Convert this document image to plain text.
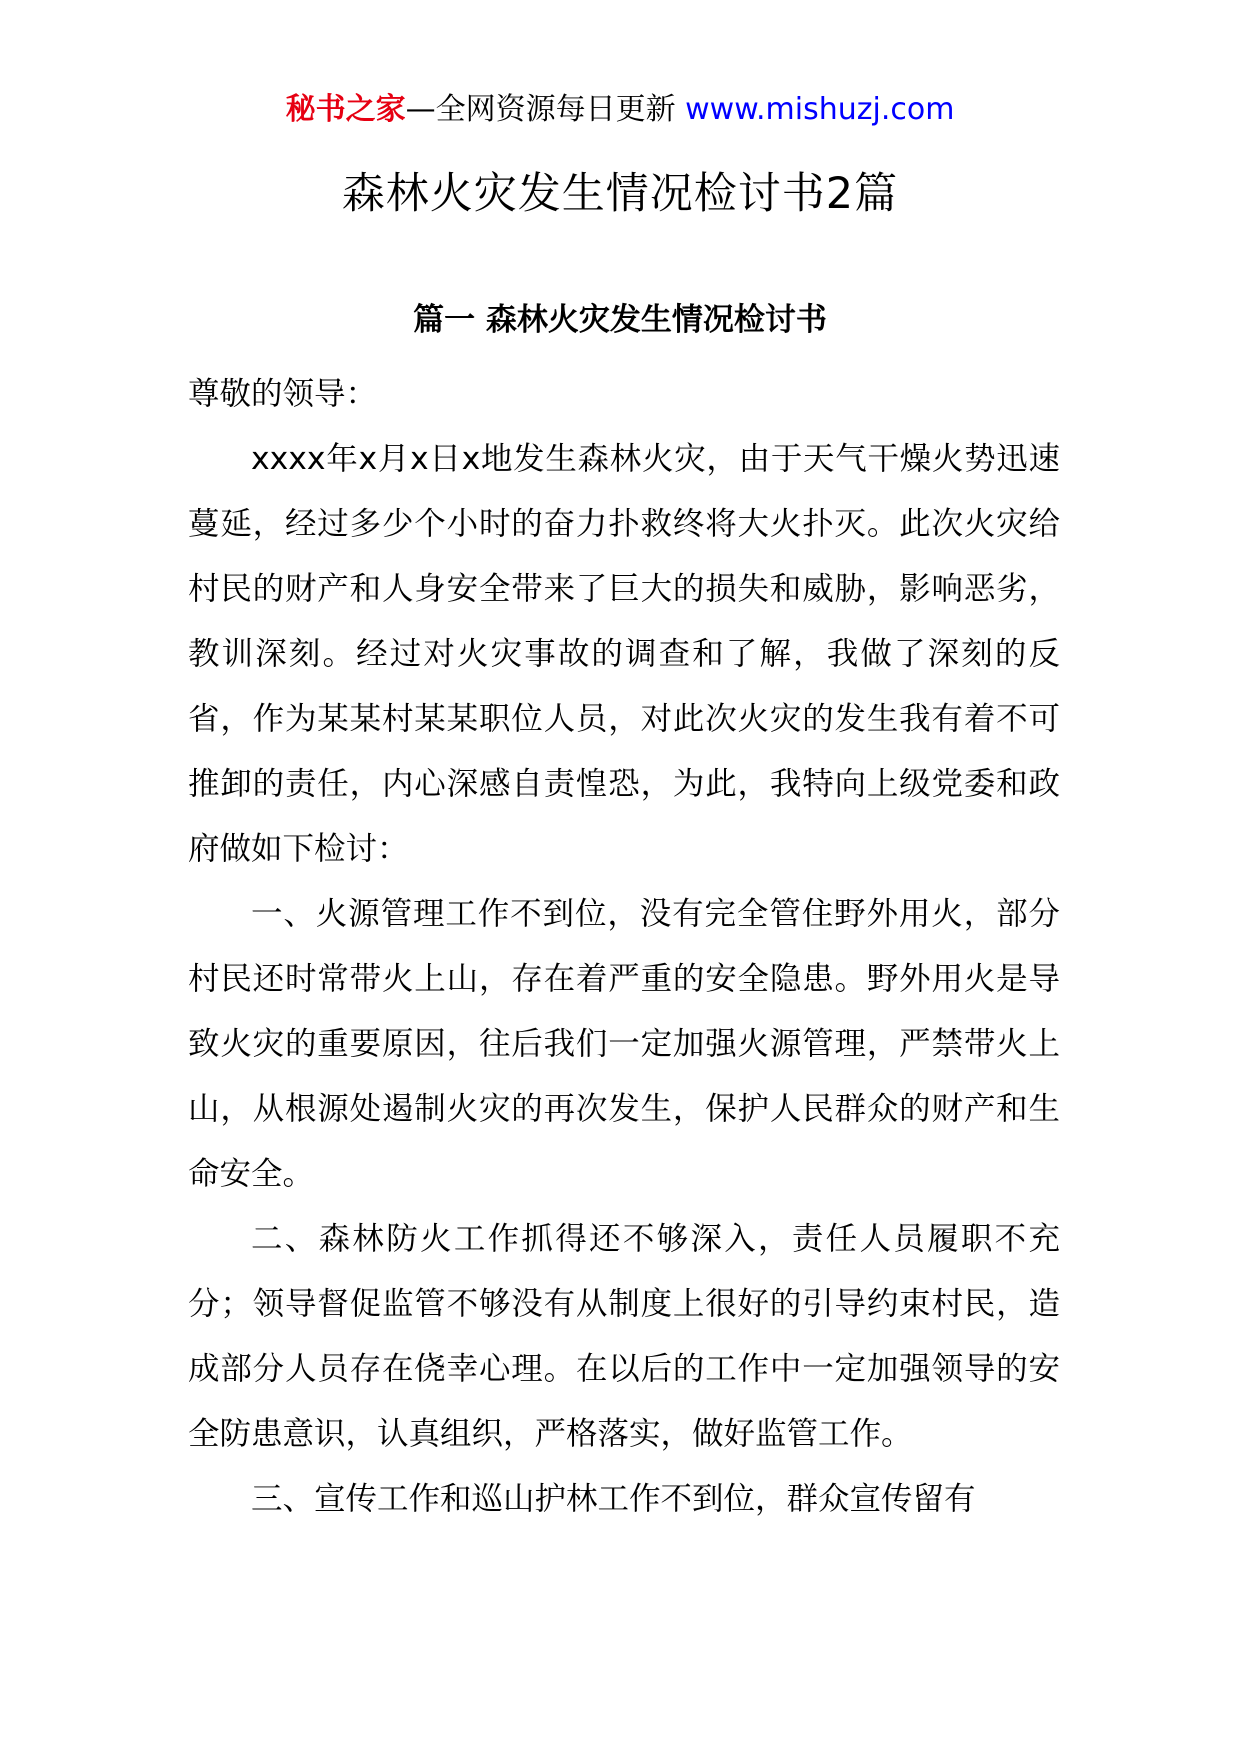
秘书之家—全网资源每日更新 www.mishuzj.com
森林火灾发生情况检讨书2篇
篇一 森林火灾发生情况检讨书

尊敬的领导：

xxxx年x月x日x地发生森林火灾，由于天气干燥火势迅速蔓延，经过多少个小时的奋力扑救终将大火扑灭。此次火灾给村民的财产和人身安全带来了巨大的损失和威胁，影响恶劣，教训深刻。经过对火灾事故的调查和了解，我做了深刻的反省，作为某某村某某职位人员，对此次火灾的发生我有着不可推卸的责任，内心深感自责惶恐，为此，我特向上级党委和政府做如下检讨：

一、火源管理工作不到位，没有完全管住野外用火，部分村民还时常带火上山，存在着严重的安全隐患。野外用火是导致火灾的重要原因，往后我们一定加强火源管理，严禁带火上山，从根源处遏制火灾的再次发生，保护人民群众的财产和生命安全。

二、森林防火工作抓得还不够深入，责任人员履职不充分；领导督促监管不够没有从制度上很好的引导约束村民，造成部分人员存在侥幸心理。在以后的工作中一定加强领导的安全防患意识，认真组织，严格落实，做好监管工作。

三、宣传工作和巡山护林工作不到位，群众宣传留有
